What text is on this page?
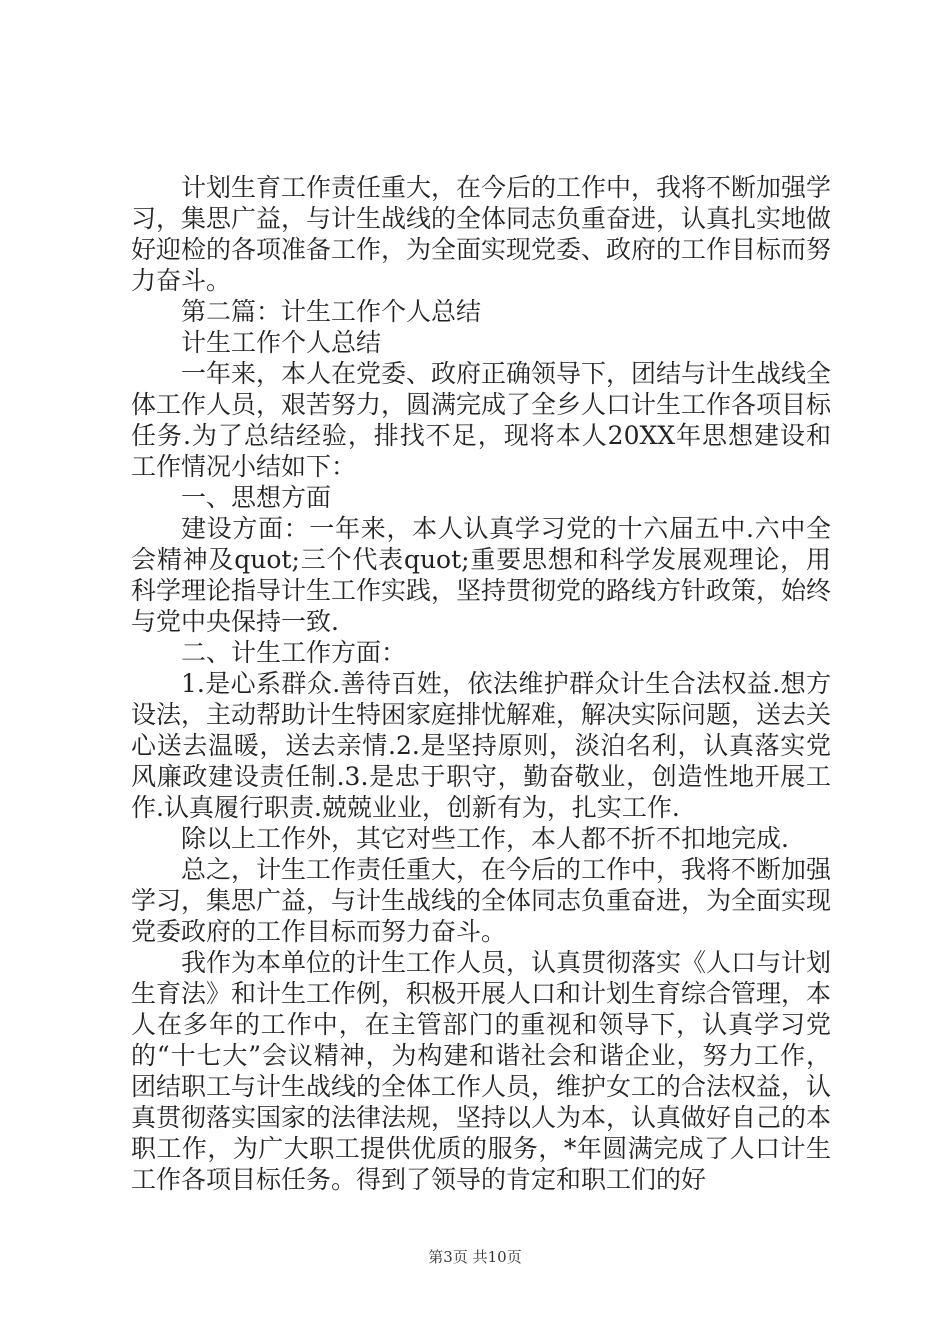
计划生育工作责任重大，在今后的工作中，我将不断加强学习，集思广益，与计生战线的全体同志负重奋进，认真扎实地做好迎检的各项准备工作，为全面实现党委、政府的工作目标而努力奋斗。

第二篇：计生工作个人总结

计生工作个人总结

一年来，本人在党委、政府正确领导下，团结与计生战线全体工作人员，艰苦努力，圆满完成了全乡人口计生工作各项目标任务.为了总结经验，排找不足，现将本人20XX年思想建设和工作情况小结如下：

一、思想方面

建设方面：一年来，本人认真学习党的十六届五中.六中全会精神及quot;三个代表quot;重要思想和科学发展观理论，用科学理论指导计生工作实践，坚持贯彻党的路线方针政策，始终与党中央保持一致.

二、计生工作方面：

1.是心系群众.善待百姓，依法维护群众计生合法权益.想方设法，主动帮助计生特困家庭排忧解难，解决实际问题，送去关心送去温暖，送去亲情.2.是坚持原则，淡泊名利，认真落实党风廉政建设责任制.3.是忠于职守，勤奋敬业，创造性地开展工作.认真履行职责.兢兢业业，创新有为，扎实工作.

除以上工作外，其它对些工作，本人都不折不扣地完成.

总之，计生工作责任重大，在今后的工作中，我将不断加强学习，集思广益，与计生战线的全体同志负重奋进，为全面实现党委政府的工作目标而努力奋斗。

我作为本单位的计生工作人员，认真贯彻落实《人口与计划生育法》和计生工作例，积极开展人口和计划生育综合管理，本人在多年的工作中，在主管部门的重视和领导下，认真学习党的“十七大”会议精神，为构建和谐社会和谐企业，努力工作，团结职工与计生战线的全体工作人员，维护女工的合法权益，认真贯彻落实国家的法律法规，坚持以人为本，认真做好自己的本职工作，为广大职工提供优质的服务，*年圆满完成了人口计生工作各项目标任务。得到了领导的肯定和职工们的好

第3页 共10页
